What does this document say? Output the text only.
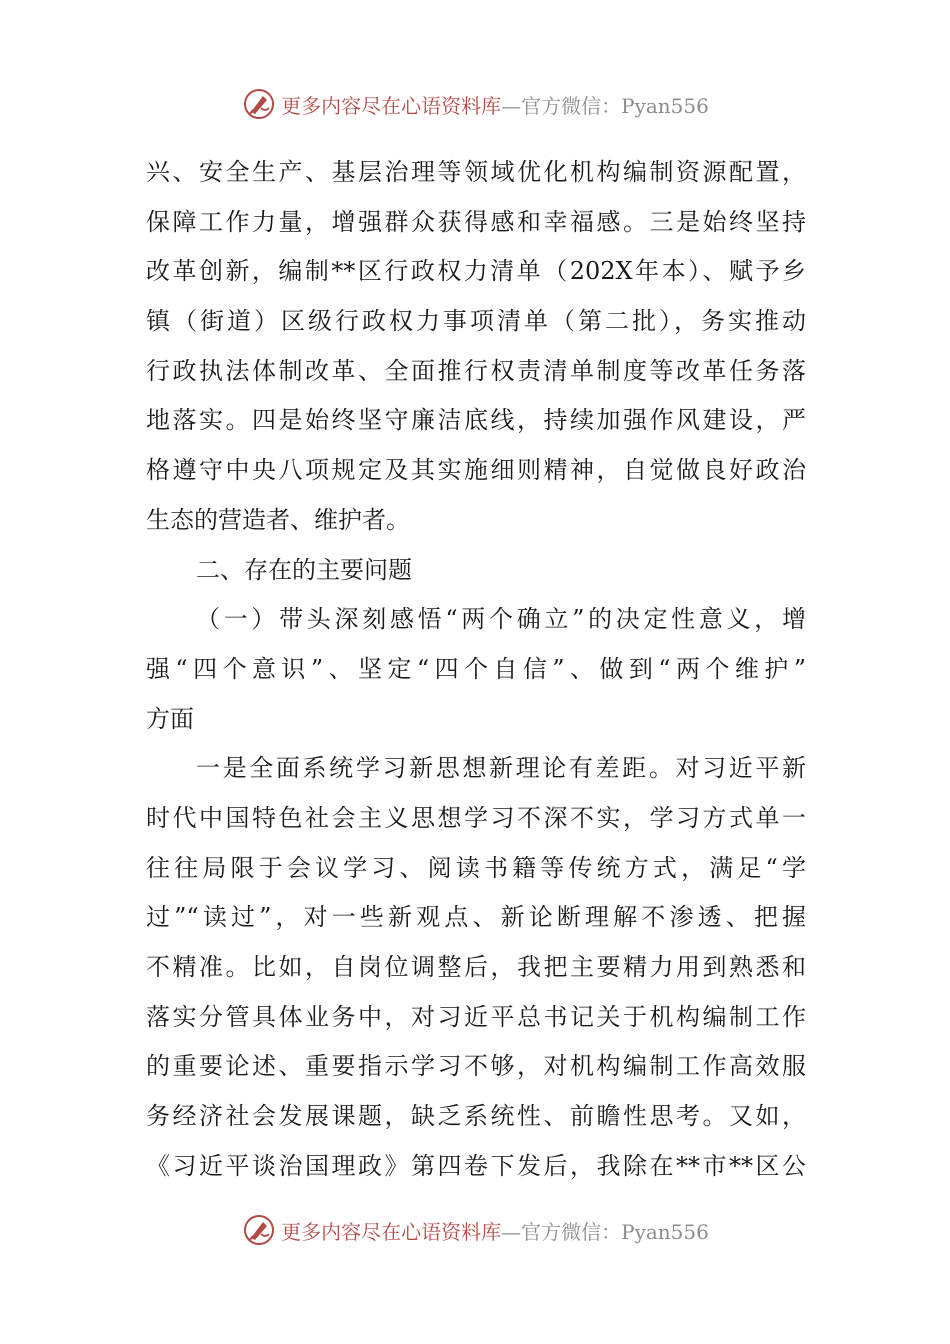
更多内容尽在心语资料库 —官方微信：Pyan556
兴、安全生产、基层治理等领域优化机构编制资源配置，
保障工作力量，增强群众获得感和幸福感。三是始终坚持
改革创新，编制**区行政权力清单（202X年本）、赋予乡
镇（街道）区级行政权力事项清单（第二批），务实推动
行政执法体制改革、全面推行权责清单制度等改革任务落
地落实。四是始终坚守廉洁底线，持续加强作风建设，严
格遵守中央八项规定及其实施细则精神，自觉做良好政治
生态的营造者、维护者。
二、存在的主要问题
（一）带头深刻感悟“两个确立”的决定性意义，增
强“四个意识”、坚定“四个自信”、做到“两个维护”
方面
一是全面系统学习新思想新理论有差距。对习近平新
时代中国特色社会主义思想学习不深不实，学习方式单一
往往局限于会议学习、阅读书籍等传统方式，满足“学
过”“读过”，对一些新观点、新论断理解不渗透、把握
不精准。比如，自岗位调整后，我把主要精力用到熟悉和
落实分管具体业务中，对习近平总书记关于机构编制工作
的重要论述、重要指示学习不够，对机构编制工作高效服
务经济社会发展课题，缺乏系统性、前瞻性思考。又如，
《习近平谈治国理政》第四卷下发后，我除在**市**区公
更多内容尽在心语资料库 —官方微信：Pyan556
